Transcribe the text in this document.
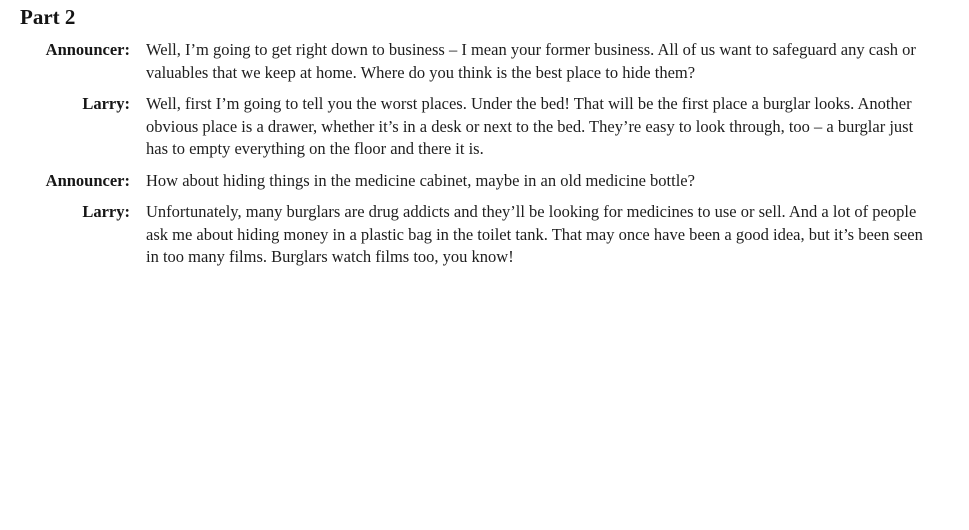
Part 2
Announcer: Well, I’m going to get right down to business – I mean your former business. All of us want to safeguard any cash or valuables that we keep at home. Where do you think is the best place to hide them?
Larry: Well, first I’m going to tell you the worst places. Under the bed! That will be the first place a burglar looks. Another obvious place is a drawer, whether it’s in a desk or next to the bed. They’re easy to look through, too – a burglar just has to empty everything on the floor and there it is.
Announcer: How about hiding things in the medicine cabinet, maybe in an old medicine bottle?
Larry: Unfortunately, many burglars are drug addicts and they’ll be looking for medicines to use or sell. And a lot of people ask me about hiding money in a plastic bag in the toilet tank. That may once have been a good idea, but it’s been seen in too many films. Burglars watch films too, you know!
